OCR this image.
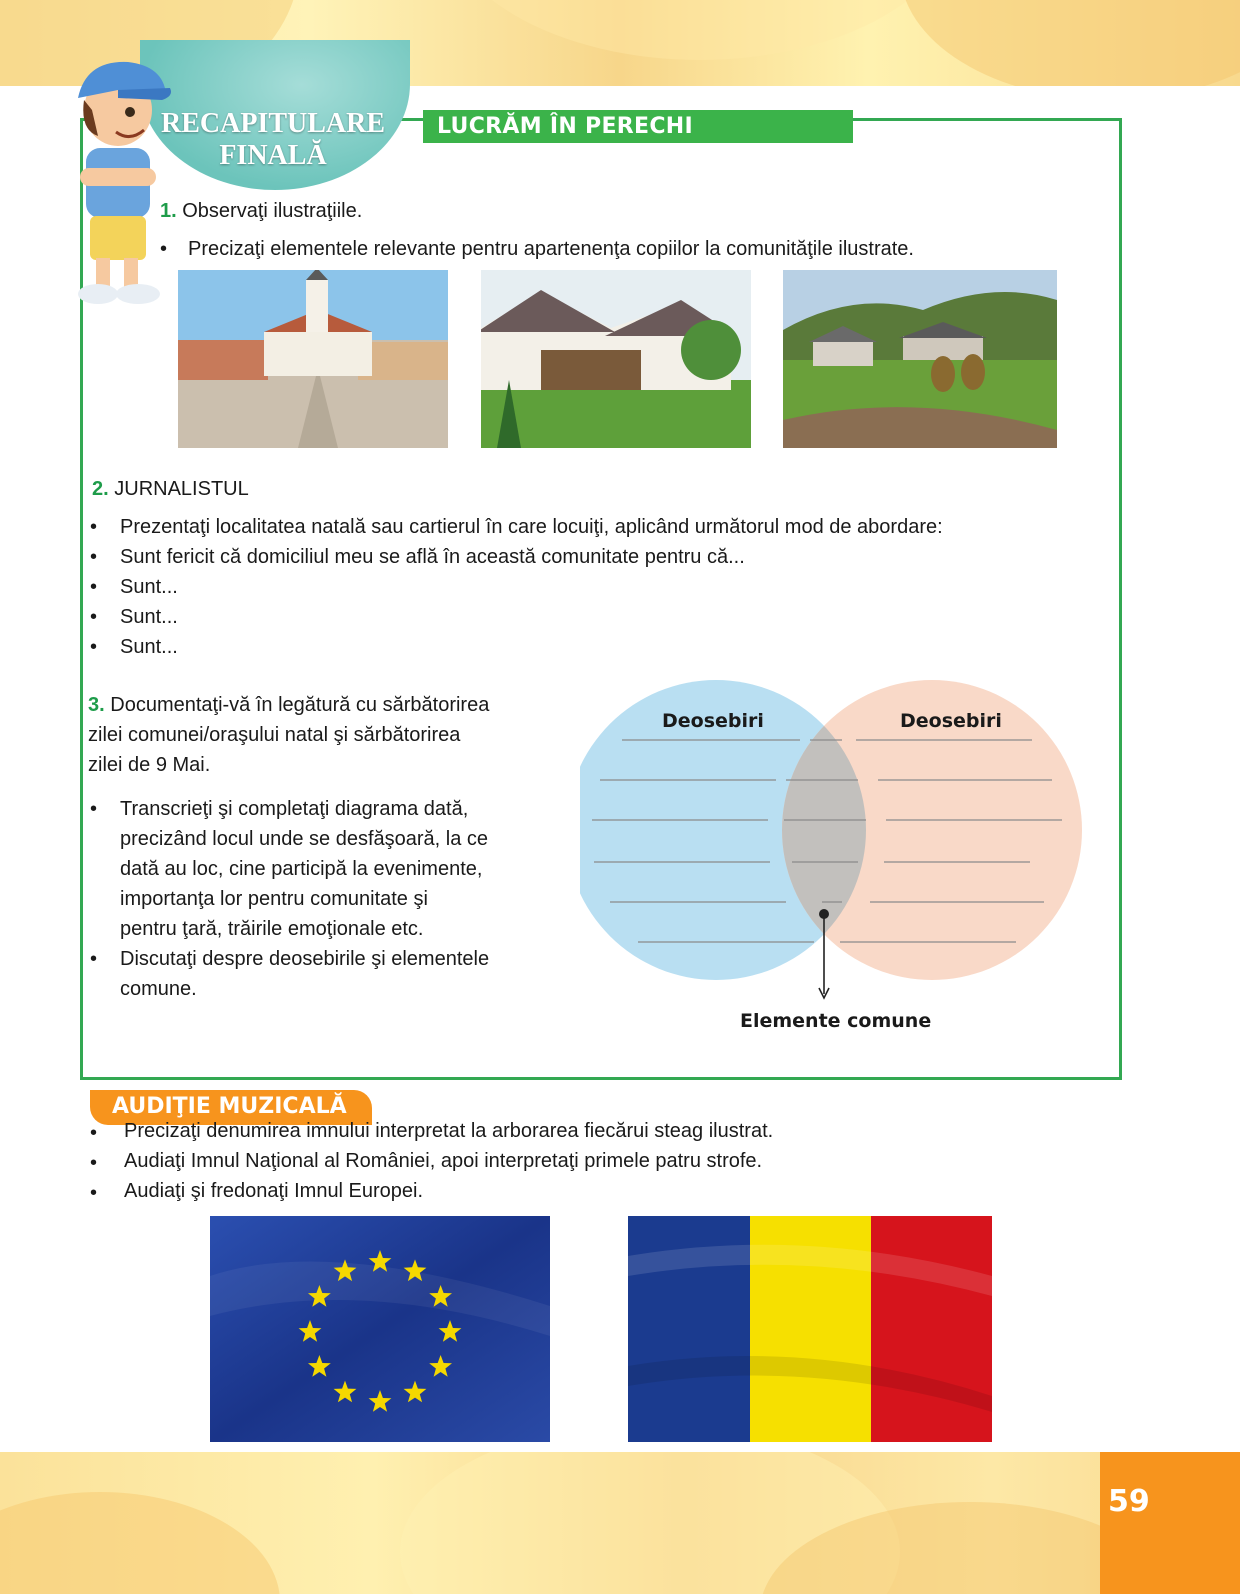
59
LUCRĂM ÎN PERECHI
RECAPITULARE
FINALĂ
1. Observaţi ilustraţiile.
• Precizaţi elementele relevante pentru apartenenţa copiilor la comunităţile ilustrate.
2. JURNALISTUL
• Prezentaţi localitatea natală sau cartierul în care locuiţi, aplicând următorul mod de abordare:
• Sunt fericit că domiciliul meu se află în această comunitate pentru că...
• Sunt...
• Sunt...
• Sunt...
3. Documentaţi-vă în legătură cu sărbătorirea
zilei comunei/oraşului natal şi sărbătorirea
zilei de 9 Mai.
• Transcrieţi şi completaţi diagrama dată,
precizând locul unde se desfăşoară, la ce
dată au loc, cine participă la evenimente,
importanţa lor pentru comunitate şi
pentru ţară, trăirile emoţionale etc.
• Discutaţi despre deosebirile şi elementele
comune.
Deosebiri	Deosebiri
Elemente comune
AUDIŢIE MUZICALĂ
• Precizaţi denumirea imnului interpretat la arborarea fiecărui steag ilustrat.
• Audiaţi Imnul Naţional al României, apoi interpretaţi primele patru strofe.
• Audiaţi şi fredonaţi Imnul Europei.
